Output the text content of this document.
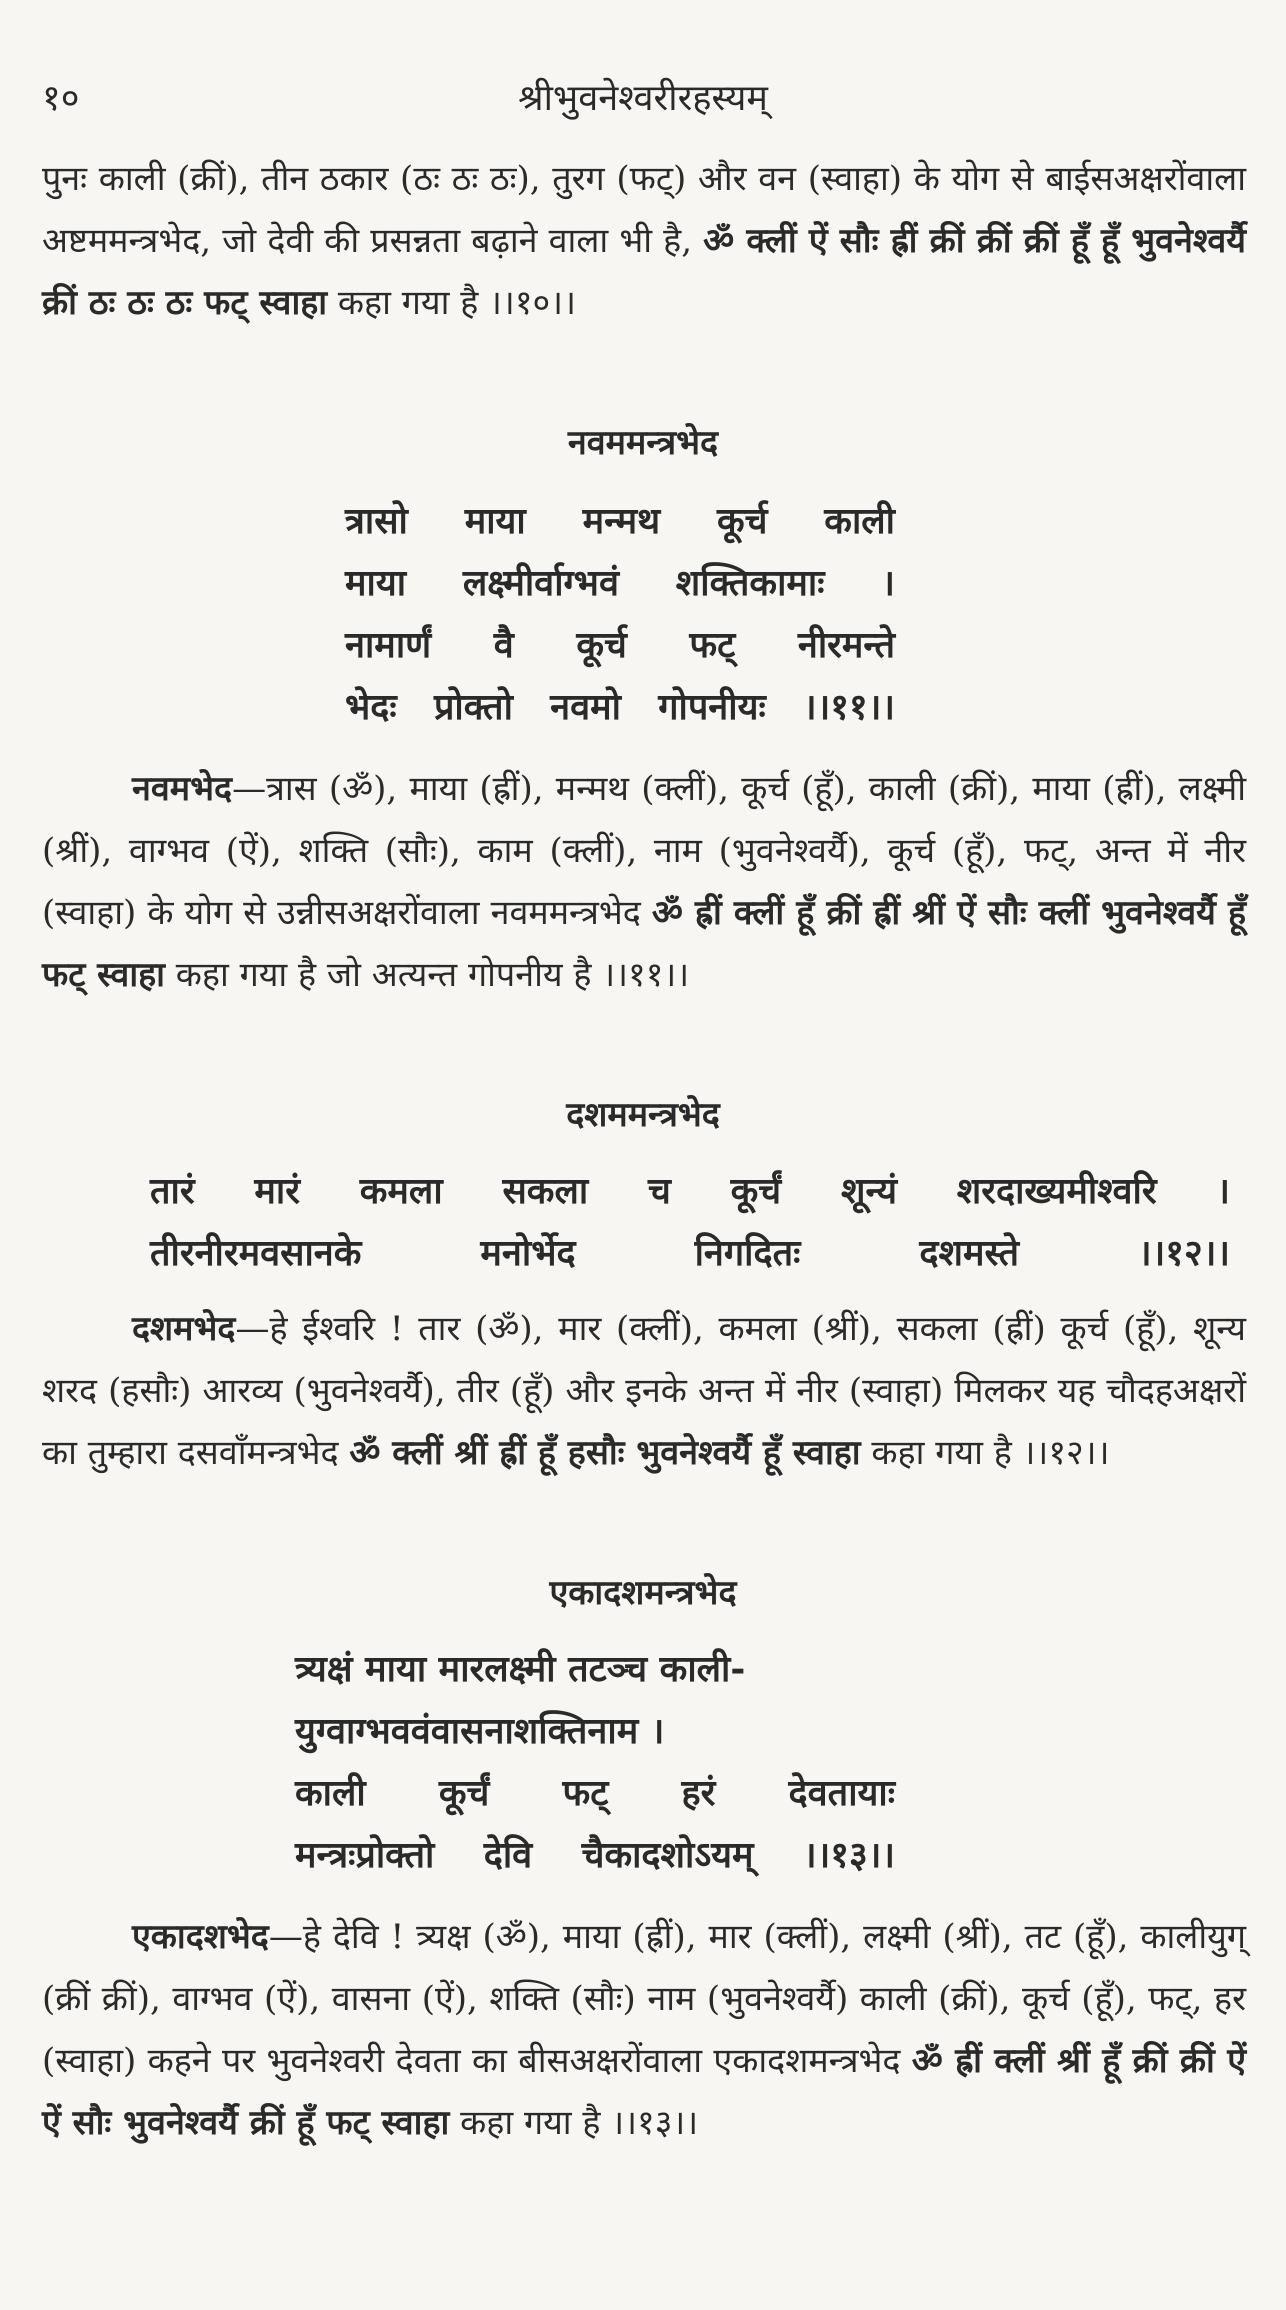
१०	श्रीभुवनेश्वरीरहस्यम्
पुनः काली (क्रीं), तीन ठकार (ठः ठः ठः), तुरग (फट्) और वन (स्वाहा) के योग से बाईसअक्षरोंवाला अष्टममन्त्रभेद, जो देवी की प्रसन्नता बढ़ाने वाला भी है, ॐ क्लीं ऐं सौः ह्रीं क्रीं क्रीं क्रीं हूँ हूँ भुवनेश्वर्यै क्रीं ठः ठः ठः फट् स्वाहा कहा गया है ।।१०।।
नवममन्त्रभेद
त्रासो माया मन्मथ कूर्च काली
माया लक्ष्मीर्वाग्भवं शक्तिकामाः ।
नामार्णं वै कूर्च फट् नीरमन्ते
भेदः प्रोक्तो नवमो गोपनीयः ।।११।।
नवमभेद—त्रास (ॐ), माया (ह्रीं), मन्मथ (क्लीं), कूर्च (हूँ), काली (क्रीं), माया (ह्रीं), लक्ष्मी (श्रीं), वाग्भव (ऐं), शक्ति (सौः), काम (क्लीं), नाम (भुवनेश्वर्यै), कूर्च (हूँ), फट्, अन्त में नीर (स्वाहा) के योग से उन्नीसअक्षरोंवाला नवममन्त्रभेद ॐ ह्रीं क्लीं हूँ क्रीं ह्रीं श्रीं ऐं सौः क्लीं भुवनेश्वर्यै हूँ फट् स्वाहा कहा गया है जो अत्यन्त गोपनीय है ।।११।।
दशममन्त्रभेद
तारं मारं कमला सकला च कूर्चं शून्यं शरदाख्यमीश्वरि ।
तीरनीरमवसानके मनोर्भेद निगदितः दशमस्ते ।।१२।।
दशमभेद—हे ईश्वरि ! तार (ॐ), मार (क्लीं), कमला (श्रीं), सकला (ह्रीं) कूर्च (हूँ), शून्य शरद (हसौः) आरव्य (भुवनेश्वर्यै), तीर (हूँ) और इनके अन्त में नीर (स्वाहा) मिलकर यह चौदहअक्षरों का तुम्हारा दसवाँमन्त्रभेद ॐ क्लीं श्रीं ह्रीं हूँ हसौः भुवनेश्वर्यै हूँ स्वाहा कहा गया है ।।१२।।
एकादशमन्त्रभेद
त्र्यक्षं माया मारलक्ष्मी तटञ्च काली-
युग्वाग्भववंवासनाशक्तिनाम ।
काली कूर्चं फट् हरं देवतायाः
मन्त्रःप्रोक्तो देवि चैकादशोऽयम् ।।१३।।
एकादशभेद—हे देवि ! त्र्यक्ष (ॐ), माया (ह्रीं), मार (क्लीं), लक्ष्मी (श्रीं), तट (हूँ), कालीयुग् (क्रीं क्रीं), वाग्भव (ऐं), वासना (ऐं), शक्ति (सौः) नाम (भुवनेश्वर्यै) काली (क्रीं), कूर्च (हूँ), फट्, हर (स्वाहा) कहने पर भुवनेश्वरी देवता का बीसअक्षरोंवाला एकादशमन्त्रभेद ॐ ह्रीं क्लीं श्रीं हूँ क्रीं क्रीं ऐं ऐं सौः भुवनेश्वर्यै क्रीं हूँ फट् स्वाहा कहा गया है ।।१३।।
